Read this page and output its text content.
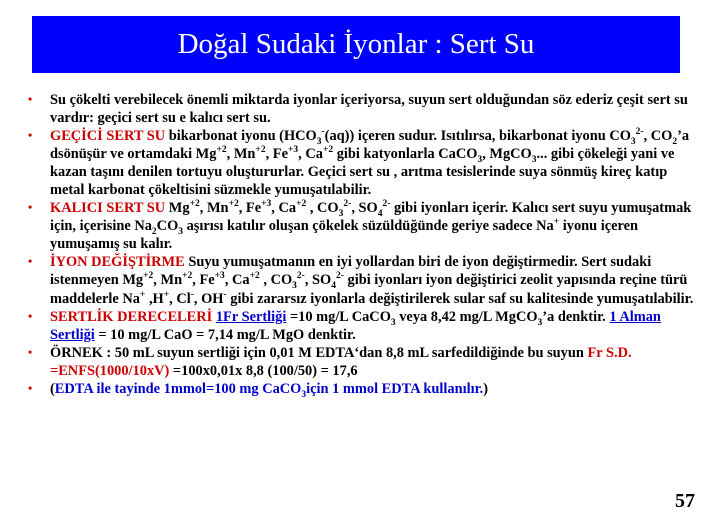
Doğal Sudaki İyonlar : Sert Su
• Su çökelti verebilecek önemli miktarda iyonlar içeriyorsa, suyun sert olduğundan söz ederiz çeşit sert su vardır: geçici sert su e kalıcı sert su.
• GEÇİCİ SERT SU bikarbonat iyonu $(HCO_3^-(aq))$ içeren sudur. Isıtılırsa, bikarbonat iyonu $CO_3^{2-}$, $CO_2’a$ dsönüşür ve ortamdaki $Mg^{+2}$, $Mn^{+2}$, $Fe^{+3}$, $Ca^{+2}$ gibi katyonlarla CaCO$_3$, MgCO$_3$... gibi çökeleği yani ve kazan taşını denilen tortuyu oluştururlar. Geçici sert su , arıtma tesislerinde suya sönmüş kireç katıp metal karbonat çökeltisini süzmekle yumuşatılabilir.
• KALICI SERT SU $Mg^{+2}$, $Mn^{+2}$, $Fe^{+3}$, $Ca^{+2}$ , $CO_3^{2-}$, $SO_4^{2-}$ gibi iyonları içerir. Kalıcı sert suyu yumuşatmak için, içerisine $Na_2CO_3$ aşırısı katılır oluşan çökelek süzüldüğünde geriye sadece Na+ iyonu içeren yumuşamış su kalır.
• İYON DEĞİŞTİRME Suyu yumuşatmanın en iyi yollardan biri de iyon değiştirmedir. Sert sudaki istenmeyen $Mg^{+2}$, $Mn^{+2}$, $Fe^{+3}$, $Ca^{+2}$ , $CO_3^{2-}$, $SO_4^{2-}$ gibi iyonları iyon değiştirici zeolit yapısında reçine türü maddelerle Na+ ,H+, Cl-, OH- gibi zararsız iyonlarla değiştirilerek sular saf su kalitesinde yumuşatılabilir.
• SERTLİK DERECELERİ 1Fr Sertliği =10 mg/L CaCO$_3$ veya 8,42 mg/L MgCO$_3$’a denktir. 1 Alman Sertliği = 10 mg/L CaO = 7,14 mg/L MgO denktir.
• ÖRNEK : 50 mL suyun sertliği için 0,01 M EDTA‘dan 8,8 mL sarfedildiğinde bu suyun Fr S.D. =ENFS(1000/10xV) =100x0,01x 8,8 (100/50) = 17,6
• (EDTA ile tayinde 1mmol=100 mg CaCO$_3$için 1 mmol EDTA kullanılır.)
57
